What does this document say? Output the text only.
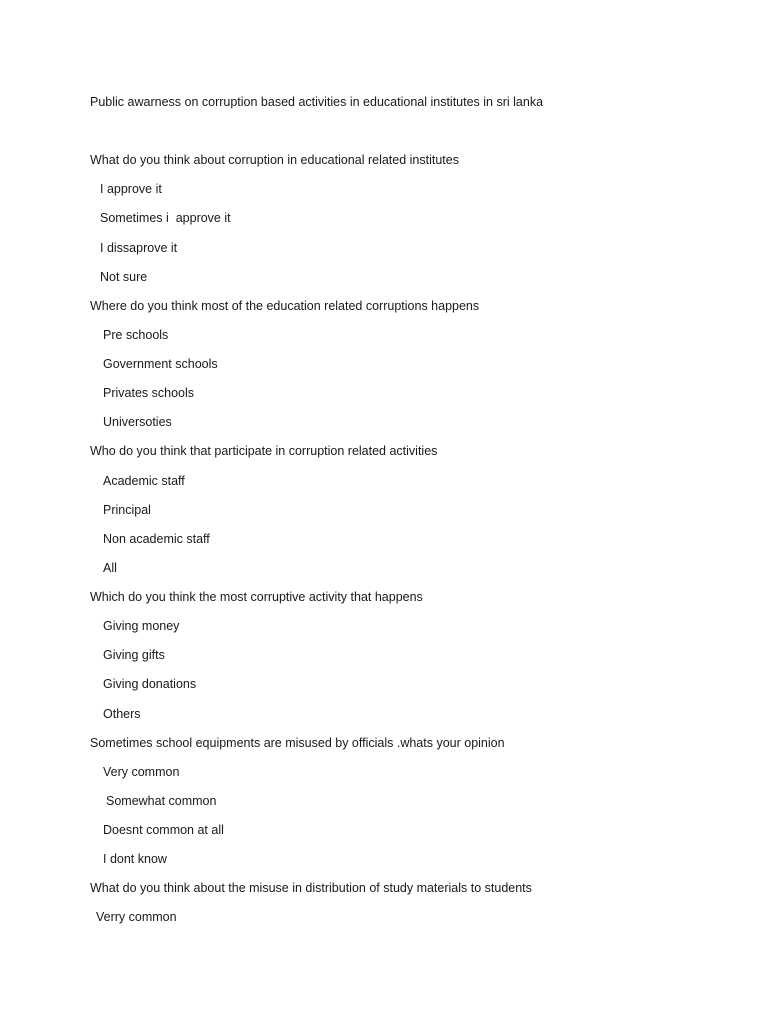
Public awarness on corruption based activities in educational institutes in sri lanka
What do you think about corruption in educational related institutes
I approve it
Sometimes i  approve it
I dissaprove it
Not sure
Where do you think most of the education related corruptions happens
Pre schools
Government schools
Privates schools
Universoties
Who do you think that participate in corruption related activities
Academic staff
Principal
Non academic staff
All
Which do you think the most corruptive activity that happens
Giving money
Giving gifts
Giving donations
Others
Sometimes school equipments are misused by officials .whats your opinion
Very common
Somewhat common
Doesnt common at all
I dont know
What do you think about the misuse in distribution of study materials to students
Verry common
